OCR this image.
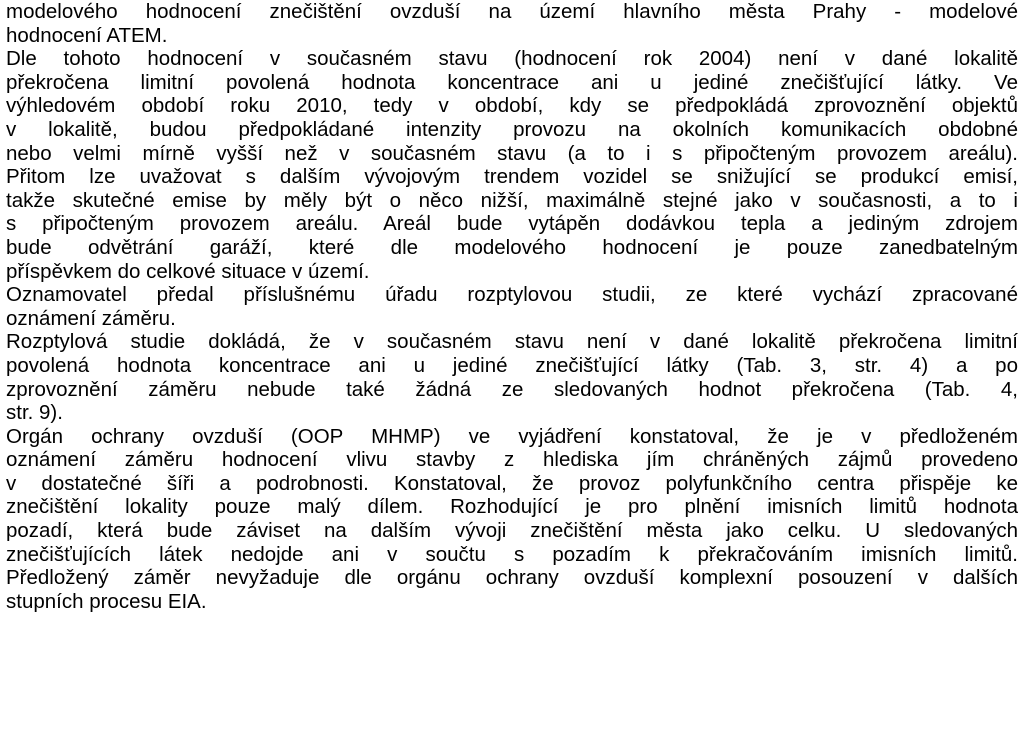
modelového hodnocení znečištění ovzduší na území hlavního města Prahy - modelové
hodnocení ATEM.
Dle tohoto hodnocení v současném stavu (hodnocení rok 2004) není v dané lokalitě
překročena limitní povolená hodnota koncentrace ani u jediné znečišťující látky. Ve
výhledovém období roku 2010, tedy v období, kdy se předpokládá zprovoznění objektů
v lokalitě, budou předpokládané intenzity provozu na okolních komunikacích obdobné
nebo velmi mírně vyšší než v současném stavu (a to i s připočteným provozem areálu).
Přitom lze uvažovat s dalším vývojovým trendem vozidel se snižující se produkcí emisí,
takže skutečné emise by měly být o něco nižší, maximálně stejné jako v současnosti, a to i
s připočteným provozem areálu. Areál bude vytápěn dodávkou tepla a jediným zdrojem
bude odvětrání garáží, které dle modelového hodnocení je pouze zanedbatelným
příspěvkem do celkové situace v území.
Oznamovatel předal příslušnému úřadu rozptylovou studii, ze které vychází zpracované
oznámení záměru.
Rozptylová studie dokládá, že v současném stavu není v dané lokalitě překročena limitní
povolená hodnota koncentrace ani u jediné znečišťující látky (Tab. 3, str. 4) a po
zprovoznění záměru nebude také žádná ze sledovaných hodnot překročena (Tab. 4,
str. 9).
Orgán ochrany ovzduší (OOP MHMP) ve vyjádření konstatoval, že je v předloženém
oznámení záměru hodnocení vlivu stavby z hlediska jím chráněných zájmů provedeno
v dostatečné šíři a podrobnosti. Konstatoval, že provoz polyfunkčního centra přispěje ke
znečištění lokality pouze malý dílem. Rozhodující je pro plnění imisních limitů hodnota
pozadí, která bude záviset na dalším vývoji znečištění města jako celku. U sledovaných
znečišťujících látek nedojde ani v součtu s pozadím k překračováním imisních limitů.
Předložený záměr nevyžaduje dle orgánu ochrany ovzduší komplexní posouzení v dalších
stupních procesu EIA.
